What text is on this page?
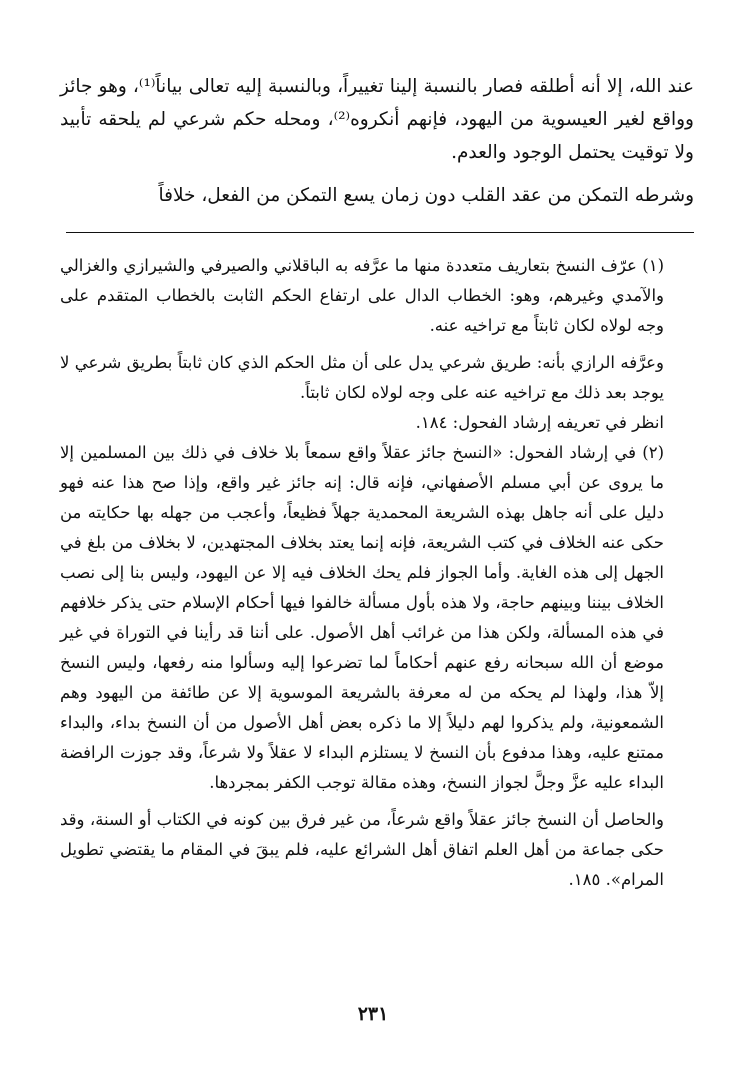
عند الله، إلا أنه أطلقه فصار بالنسبة إلينا تغييراً، وبالنسبة إليه تعالى بياناً⁽¹⁾، وهو جائز وواقع لغير العيسوية من اليهود، فإنهم أنكروه⁽²⁾، ومحله حكم شرعي لم يلحقه تأبيد ولا توقيت يحتمل الوجود والعدم.

وشرطه التمكن من عقد القلب دون زمان يسع التمكن من الفعل، خلافاً

(١) عرّف النسخ بتعاريف متعددة منها ما عرَّفه به الباقلاني والصيرفي والشيرازي والغزالي والآمدي وغيرهم، وهو: الخطاب الدال على ارتفاع الحكم الثابت بالخطاب المتقدم على وجه لولاه لكان ثابتاً مع تراخيه عنه.

وعرَّفه الرازي بأنه: طريق شرعي يدل على أن مثل الحكم الذي كان ثابتاً بطريق شرعي لا يوجد بعد ذلك مع تراخيه عنه على وجه لولاه لكان ثابتاً.

انظر في تعريفه إرشاد الفحول: ١٨٤.

(٢) في إرشاد الفحول: «النسخ جائز عقلاً واقع سمعاً بلا خلاف في ذلك بين المسلمين إلا ما يروى عن أبي مسلم الأصفهاني، فإنه قال: إنه جائز غير واقع، وإذا صح هذا عنه فهو دليل على أنه جاهل بهذه الشريعة المحمدية جهلاً فظيعاً، وأعجب من جهله بها حكايته من حكى عنه الخلاف في كتب الشريعة، فإنه إنما يعتد بخلاف المجتهدين، لا بخلاف من بلغ في الجهل إلى هذه الغاية. وأما الجواز فلم يحك الخلاف فيه إلا عن اليهود، وليس بنا إلى نصب الخلاف بيننا وبينهم حاجة، ولا هذه بأول مسألة خالفوا فيها أحكام الإسلام حتى يذكر خلافهم في هذه المسألة، ولكن هذا من غرائب أهل الأصول. على أننا قد رأينا في التوراة في غير موضع أن الله سبحانه رفع عنهم أحكاماً لما تضرعوا إليه وسألوا منه رفعها، وليس النسخ إلاّ هذا، ولهذا لم يحكه من له معرفة بالشريعة الموسوية إلا عن طائفة من اليهود وهم الشمعونية، ولم يذكروا لهم دليلاً إلا ما ذكره بعض أهل الأصول من أن النسخ بداء، والبداء ممتنع عليه، وهذا مدفوع بأن النسخ لا يستلزم البداء لا عقلاً ولا شرعاً، وقد جوزت الرافضة البداء عليه عزَّ وجلَّ لجواز النسخ، وهذه مقالة توجب الكفر بمجردها.

والحاصل أن النسخ جائز عقلاً واقع شرعاً، من غير فرق بين كونه في الكتاب أو السنة، وقد حكى جماعة من أهل العلم اتفاق أهل الشرائع عليه، فلم يبقَ في المقام ما يقتضي تطويل المرام». ١٨٥.

٢٣١
